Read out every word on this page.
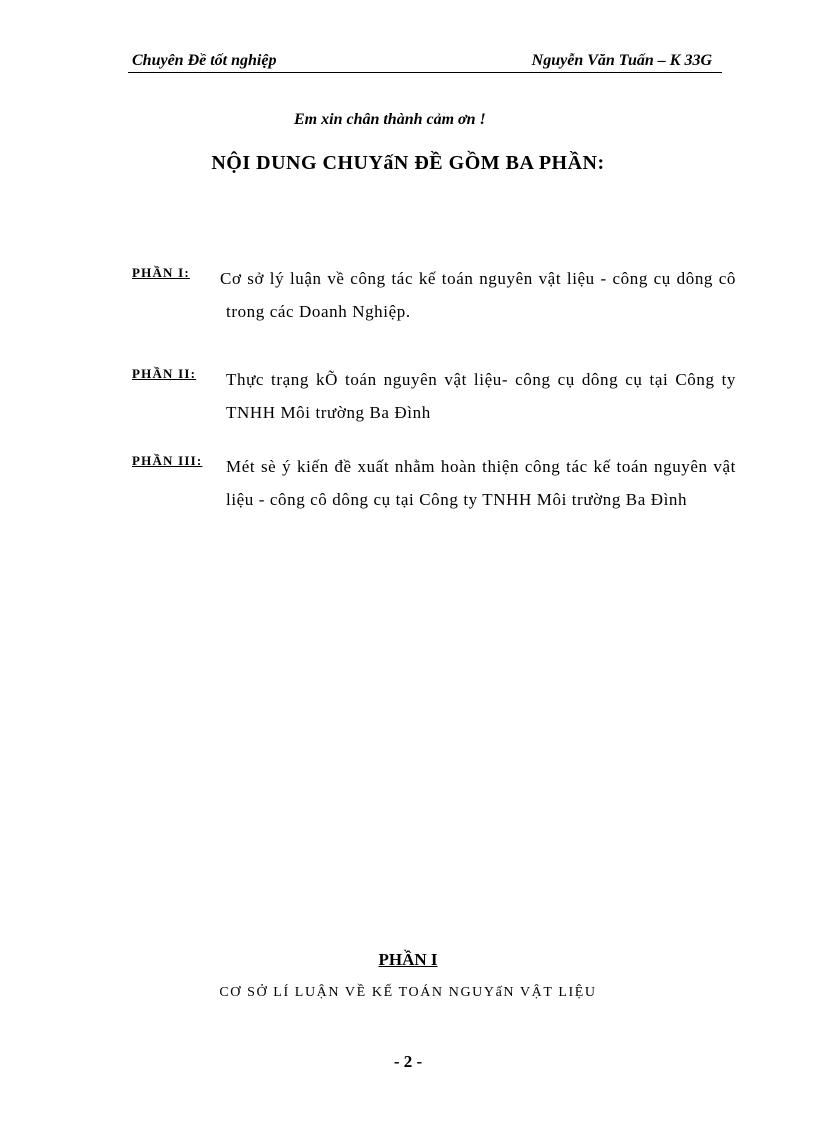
Chuyên Đề tốt nghiệp	Nguyễn Văn Tuấn – K 33G
Em xin chân thành cảm ơn !
NỘI DUNG CHUYấN ĐỀ GỒM BA PHẦN:
PHẦN I: Cơ sở lý luận về công tác kế toán nguyên vật liệu - công cụ dông cô trong các Doanh Nghiệp.
PHẦN II: Thực trạng kÕ toán nguyên vật liệu- công cụ dông cụ tại Công ty TNHH Môi trường Ba Đình
PHẦN III: Mét sè ý kiến đề xuất nhằm hoàn thiện công tác kế toán nguyên vật liệu - công cô dông cụ tại Công ty TNHH Môi trường Ba Đình
PHẦN I
CƠ SỞ LÍ LUẬN VỀ KẾ TOÁN NGUYấN VẬT LIỆU
- 2 -
